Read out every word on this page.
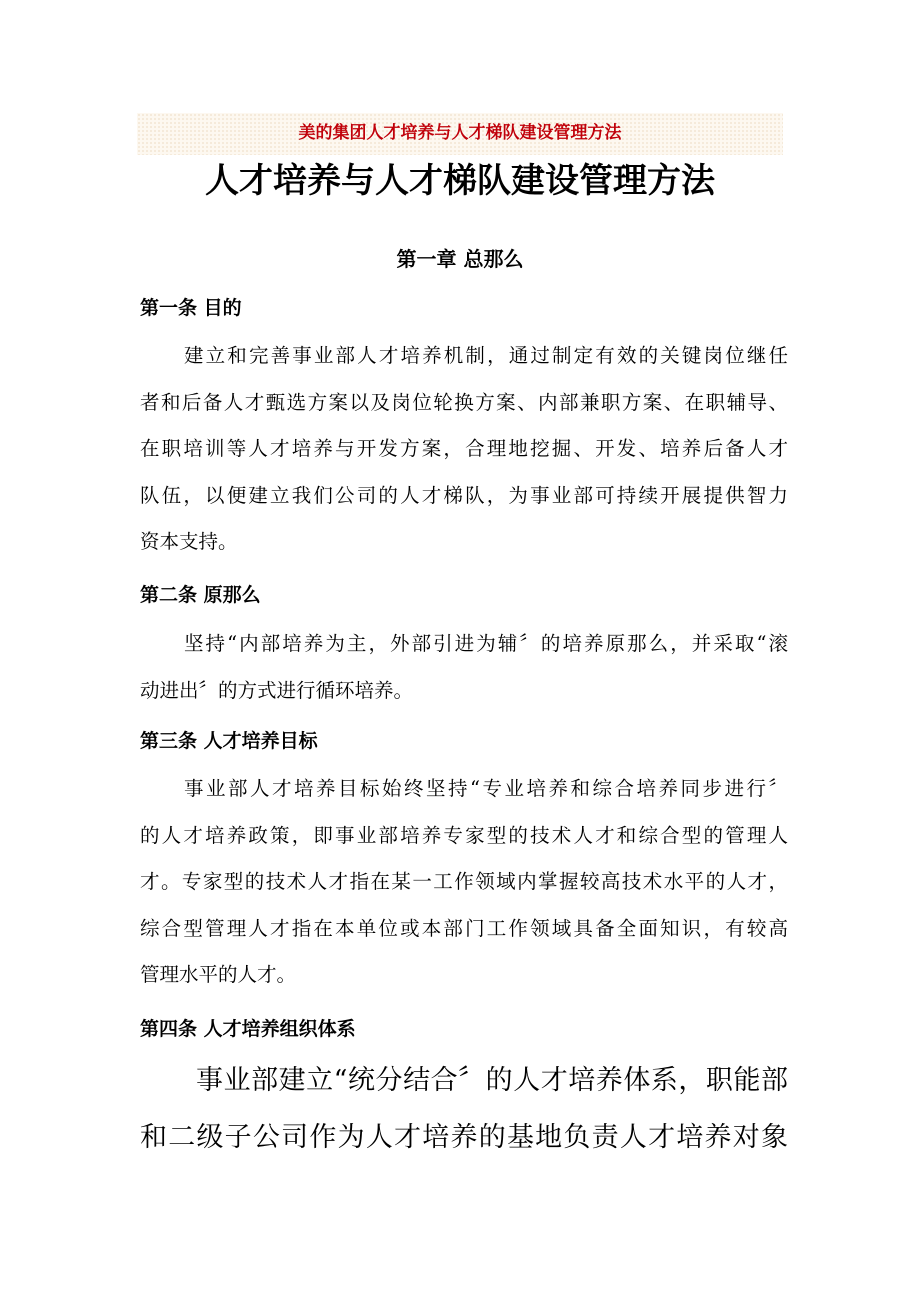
美的集团人才培养与人才梯队建设管理方法
人才培养与人才梯队建设管理方法
第一章 总那么
第一条 目的
建立和完善事业部人才培养机制，通过制定有效的关键岗位继任
者和后备人才甄选方案以及岗位轮换方案、内部兼职方案、在职辅导、
在职培训等人才培养与开发方案，合理地挖掘、开发、培养后备人才
队伍，以便建立我们公司的人才梯队，为事业部可持续开展提供智力
资本支持。
第二条 原那么
坚持“内部培养为主，外部引进为辅〞的培养原那么，并采取“滚
动进出〞的方式进行循环培养。
第三条 人才培养目标
事业部人才培养目标始终坚持“专业培养和综合培养同步进行〞
的人才培养政策，即事业部培养专家型的技术人才和综合型的管理人
才。专家型的技术人才指在某一工作领域内掌握较高技术水平的人才，
综合型管理人才指在本单位或本部门工作领域具备全面知识，有较高
管理水平的人才。
第四条 人才培养组织体系
事业部建立“统分结合〞的人才培养体系，职能部
和二级子公司作为人才培养的基地负责人才培养对象
